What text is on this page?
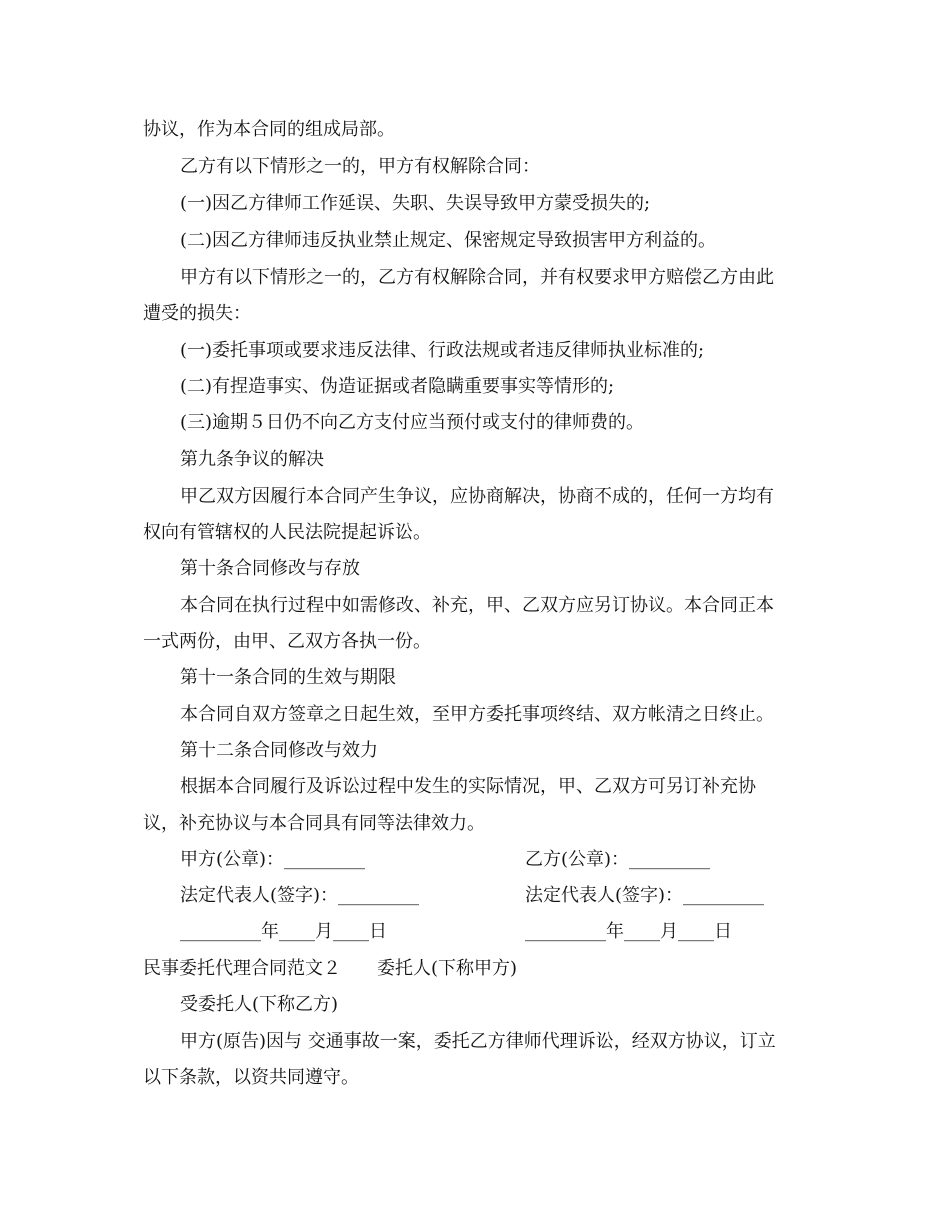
协议，作为本合同的组成局部。
乙方有以下情形之一的，甲方有权解除合同：
(一)因乙方律师工作延误、失职、失误导致甲方蒙受损失的;
(二)因乙方律师违反执业禁止规定、保密规定导致损害甲方利益的。
甲方有以下情形之一的，乙方有权解除合同，并有权要求甲方赔偿乙方由此
遭受的损失：
(一)委托事项或要求违反法律、行政法规或者违反律师执业标准的;
(二)有捏造事实、伪造证据或者隐瞒重要事实等情形的;
(三)逾期５日仍不向乙方支付应当预付或支付的律师费的。
第九条争议的解决
甲乙双方因履行本合同产生争议，应协商解决，协商不成的，任何一方均有
权向有管辖权的人民法院提起诉讼。
第十条合同修改与存放
本合同在执行过程中如需修改、补充，甲、乙双方应另订协议。本合同正本
一式两份，由甲、乙双方各执一份。
第十一条合同的生效与期限
本合同自双方签章之日起生效，至甲方委托事项终结、双方帐清之日终止。
第十二条合同修改与效力
根据本合同履行及诉讼过程中发生的实际情况，甲、乙双方可另订补充协
议，补充协议与本合同具有同等法律效力。
甲方(公章)：_________	乙方(公章)：_________
法定代表人(签字)：_________	法定代表人(签字)：_________
_________年____月____日	_________年____月____日
民事委托代理合同范文２　　委托人(下称甲方)
受委托人(下称乙方)
甲方(原告)因与 交通事故一案，委托乙方律师代理诉讼，经双方协议，订立
以下条款，以资共同遵守。
